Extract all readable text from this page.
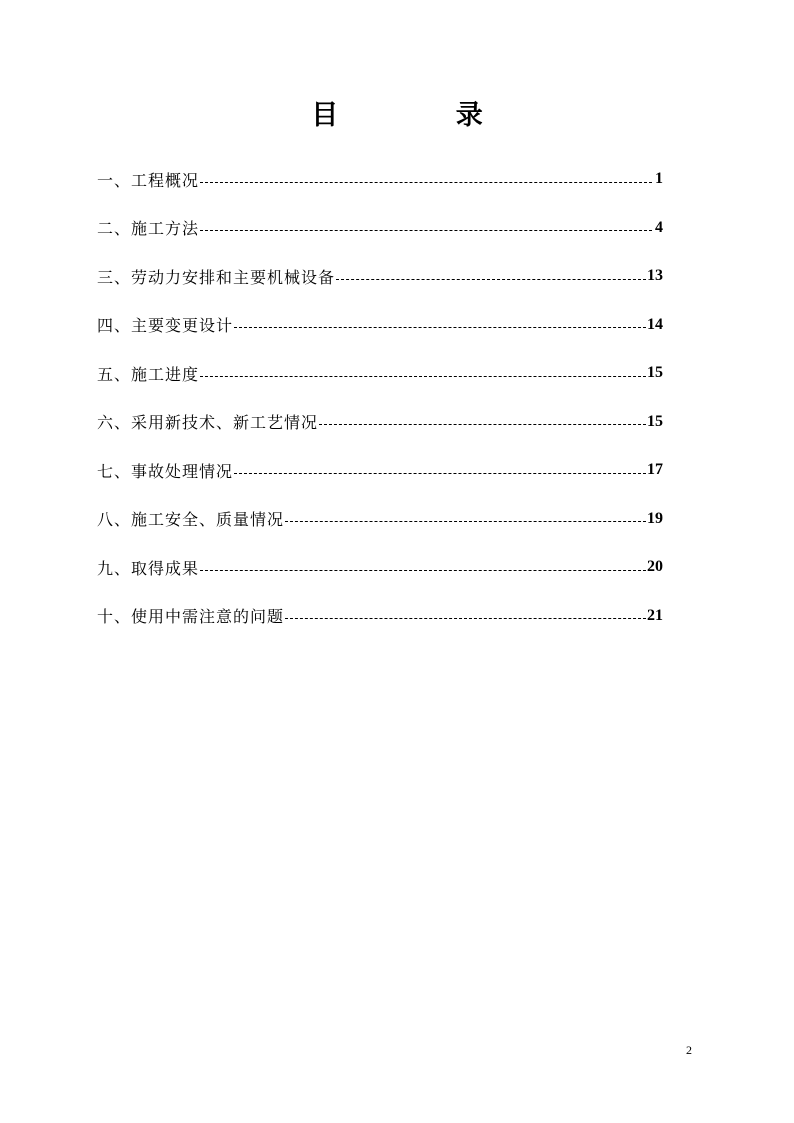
目 录
一、工程概况	1
二、施工方法	4
三、劳动力安排和主要机械设备	13
四、主要变更设计	14
五、施工进度	15
六、采用新技术、新工艺情况	15
七、事故处理情况	17
八、施工安全、质量情况	19
九、取得成果	20
十、使用中需注意的问题	21
2
